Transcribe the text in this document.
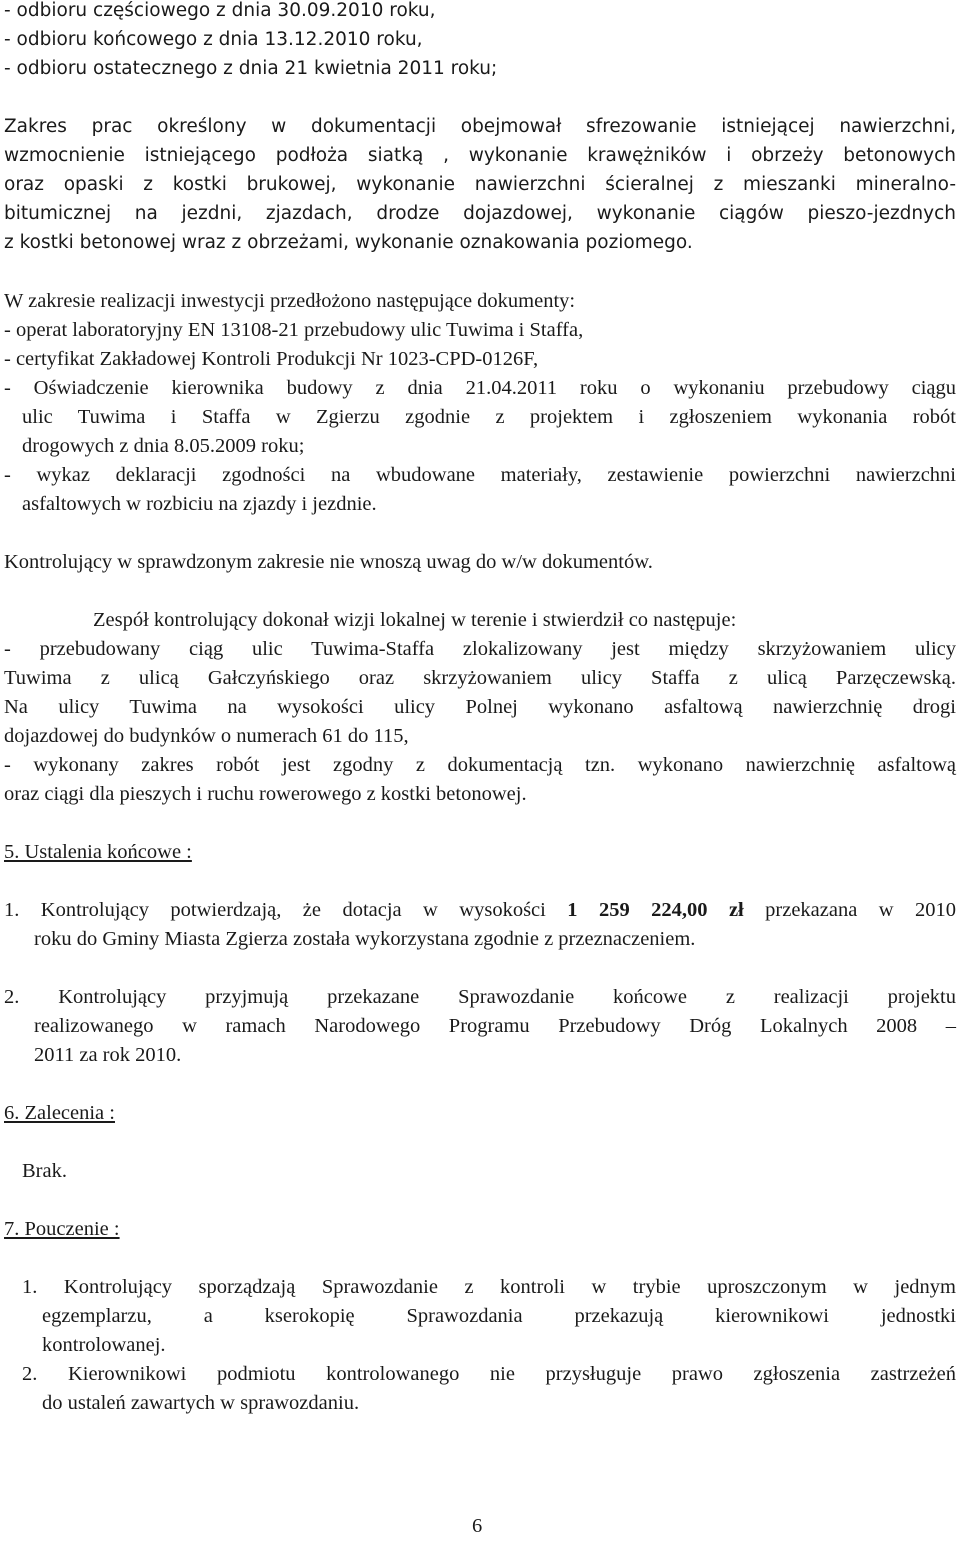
- odbioru częściowego z dnia 30.09.2010 roku,
- odbioru końcowego z dnia 13.12.2010 roku,
- odbioru ostatecznego z dnia 21 kwietnia 2011 roku;
Zakres prac określony w dokumentacji obejmował sfrezowanie istniejącej nawierzchni,
wzmocnienie istniejącego podłoża siatką , wykonanie krawężników i obrzeży betonowych
oraz opaski z kostki brukowej, wykonanie nawierzchni ścieralnej z mieszanki mineralno-
bitumicznej na jezdni, zjazdach, drodze dojazdowej, wykonanie ciągów pieszo-jezdnych
z kostki betonowej wraz z obrzeżami, wykonanie oznakowania poziomego.
W zakresie realizacji inwestycji przedłożono następujące dokumenty:
- operat laboratoryjny EN 13108-21 przebudowy ulic Tuwima i Staffa,
- certyfikat Zakładowej Kontroli Produkcji Nr 1023-CPD-0126F,
- Oświadczenie kierownika budowy z dnia 21.04.2011 roku o wykonaniu przebudowy ciągu
ulic Tuwima i Staffa w Zgierzu zgodnie z projektem i zgłoszeniem wykonania robót
drogowych z dnia 8.05.2009 roku;
- wykaz deklaracji zgodności na wbudowane materiały, zestawienie powierzchni nawierzchni
asfaltowych w rozbiciu na zjazdy i jezdnie.
Kontrolujący w sprawdzonym zakresie nie wnoszą uwag do w/w dokumentów.
Zespół kontrolujący dokonał wizji lokalnej w terenie i stwierdził co następuje:
- przebudowany ciąg ulic Tuwima-Staffa zlokalizowany jest między skrzyżowaniem ulicy
Tuwima z ulicą Gałczyńskiego oraz skrzyżowaniem ulicy Staffa z ulicą Parzęczewską.
Na ulicy Tuwima na wysokości ulicy Polnej wykonano asfaltową nawierzchnię drogi
dojazdowej do budynków o numerach 61 do 115,
- wykonany zakres robót jest zgodny z dokumentacją tzn. wykonano nawierzchnię asfaltową
oraz ciągi dla pieszych i ruchu rowerowego z kostki betonowej.
5. Ustalenia końcowe :
1. Kontrolujący potwierdzają, że dotacja w wysokości 1 259 224,00 zł przekazana w 2010
roku do Gminy Miasta Zgierza została wykorzystana zgodnie z przeznaczeniem.
2. Kontrolujący przyjmują przekazane Sprawozdanie końcowe z realizacji projektu
realizowanego w ramach Narodowego Programu Przebudowy Dróg Lokalnych 2008 –
2011 za rok 2010.
6. Zalecenia :
Brak.
7. Pouczenie :
1. Kontrolujący sporządzają Sprawozdanie z kontroli w trybie uproszczonym w jednym
egzemplarzu, a kserokopię Sprawozdania przekazują kierownikowi jednostki
kontrolowanej.
2. Kierownikowi podmiotu kontrolowanego nie przysługuje prawo zgłoszenia zastrzeżeń
do ustaleń zawartych w sprawozdaniu.
6
